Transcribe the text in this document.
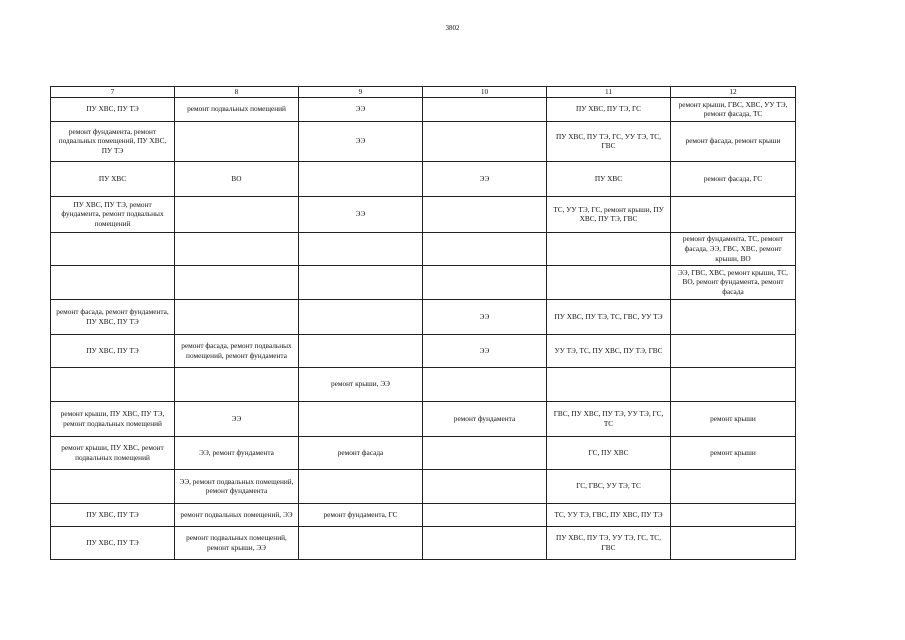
3802
7	8	9	10	11	12
ПУ ХВС, ПУ ТЭ	ремонт подвальных помещений	ЭЭ		ПУ ХВС, ПУ ТЭ, ГС	ремонт крыши, ГВС, ХВС, УУ ТЭ, ремонт фасада, ТС
ремонт фундамента, ремонт подвальных помещений, ПУ ХВС, ПУ ТЭ		ЭЭ		ПУ ХВС, ПУ ТЭ, ГС, УУ ТЭ, ТС, ГВС	ремонт фасада, ремонт крыши
ПУ ХВС	ВО		ЭЭ	ПУ ХВС	ремонт фасада, ГС
ПУ ХВС, ПУ ТЭ, ремонт фундамента, ремонт подвальных помещений		ЭЭ		ТС, УУ ТЭ, ГС, ремонт крыши, ПУ ХВС, ПУ ТЭ, ГВС	
					ремонт фундамента, ТС, ремонт фасада, ЭЭ, ГВС, ХВС, ремонт крыши, ВО
					ЭЭ, ГВС, ХВС, ремонт крыши, ТС, ВО, ремонт фундамента, ремонт фасада
ремонт фасада, ремонт фундамента, ПУ ХВС, ПУ ТЭ			ЭЭ	ПУ ХВС, ПУ ТЭ, ТС, ГВС, УУ ТЭ	
ПУ ХВС, ПУ ТЭ	ремонт фасада, ремонт подвальных помещений, ремонт фундамента		ЭЭ	УУ ТЭ, ТС, ПУ ХВС, ПУ ТЭ, ГВС	
		ремонт крыши, ЭЭ			
ремонт крыши, ПУ ХВС, ПУ ТЭ, ремонт подвальных помещений	ЭЭ		ремонт фундамента	ГВС, ПУ ХВС, ПУ ТЭ, УУ ТЭ, ГС, ТС	ремонт крыши
ремонт крыши, ПУ ХВС, ремонт подвальных помещений	ЭЭ, ремонт фундамента	ремонт фасада		ГС, ПУ ХВС	ремонт крыши
	ЭЭ, ремонт подвальных помещений, ремонт фундамента			ГС, ГВС, УУ ТЭ, ТС	
ПУ ХВС, ПУ ТЭ	ремонт подвальных помещений, ЭЭ	ремонт фундамента, ГС		ТС, УУ ТЭ, ГВС, ПУ ХВС, ПУ ТЭ	
ПУ ХВС, ПУ ТЭ	ремонт подвальных помещений, ремонт крыши, ЭЭ			ПУ ХВС, ПУ ТЭ, УУ ТЭ, ГС, ТС, ГВС	
